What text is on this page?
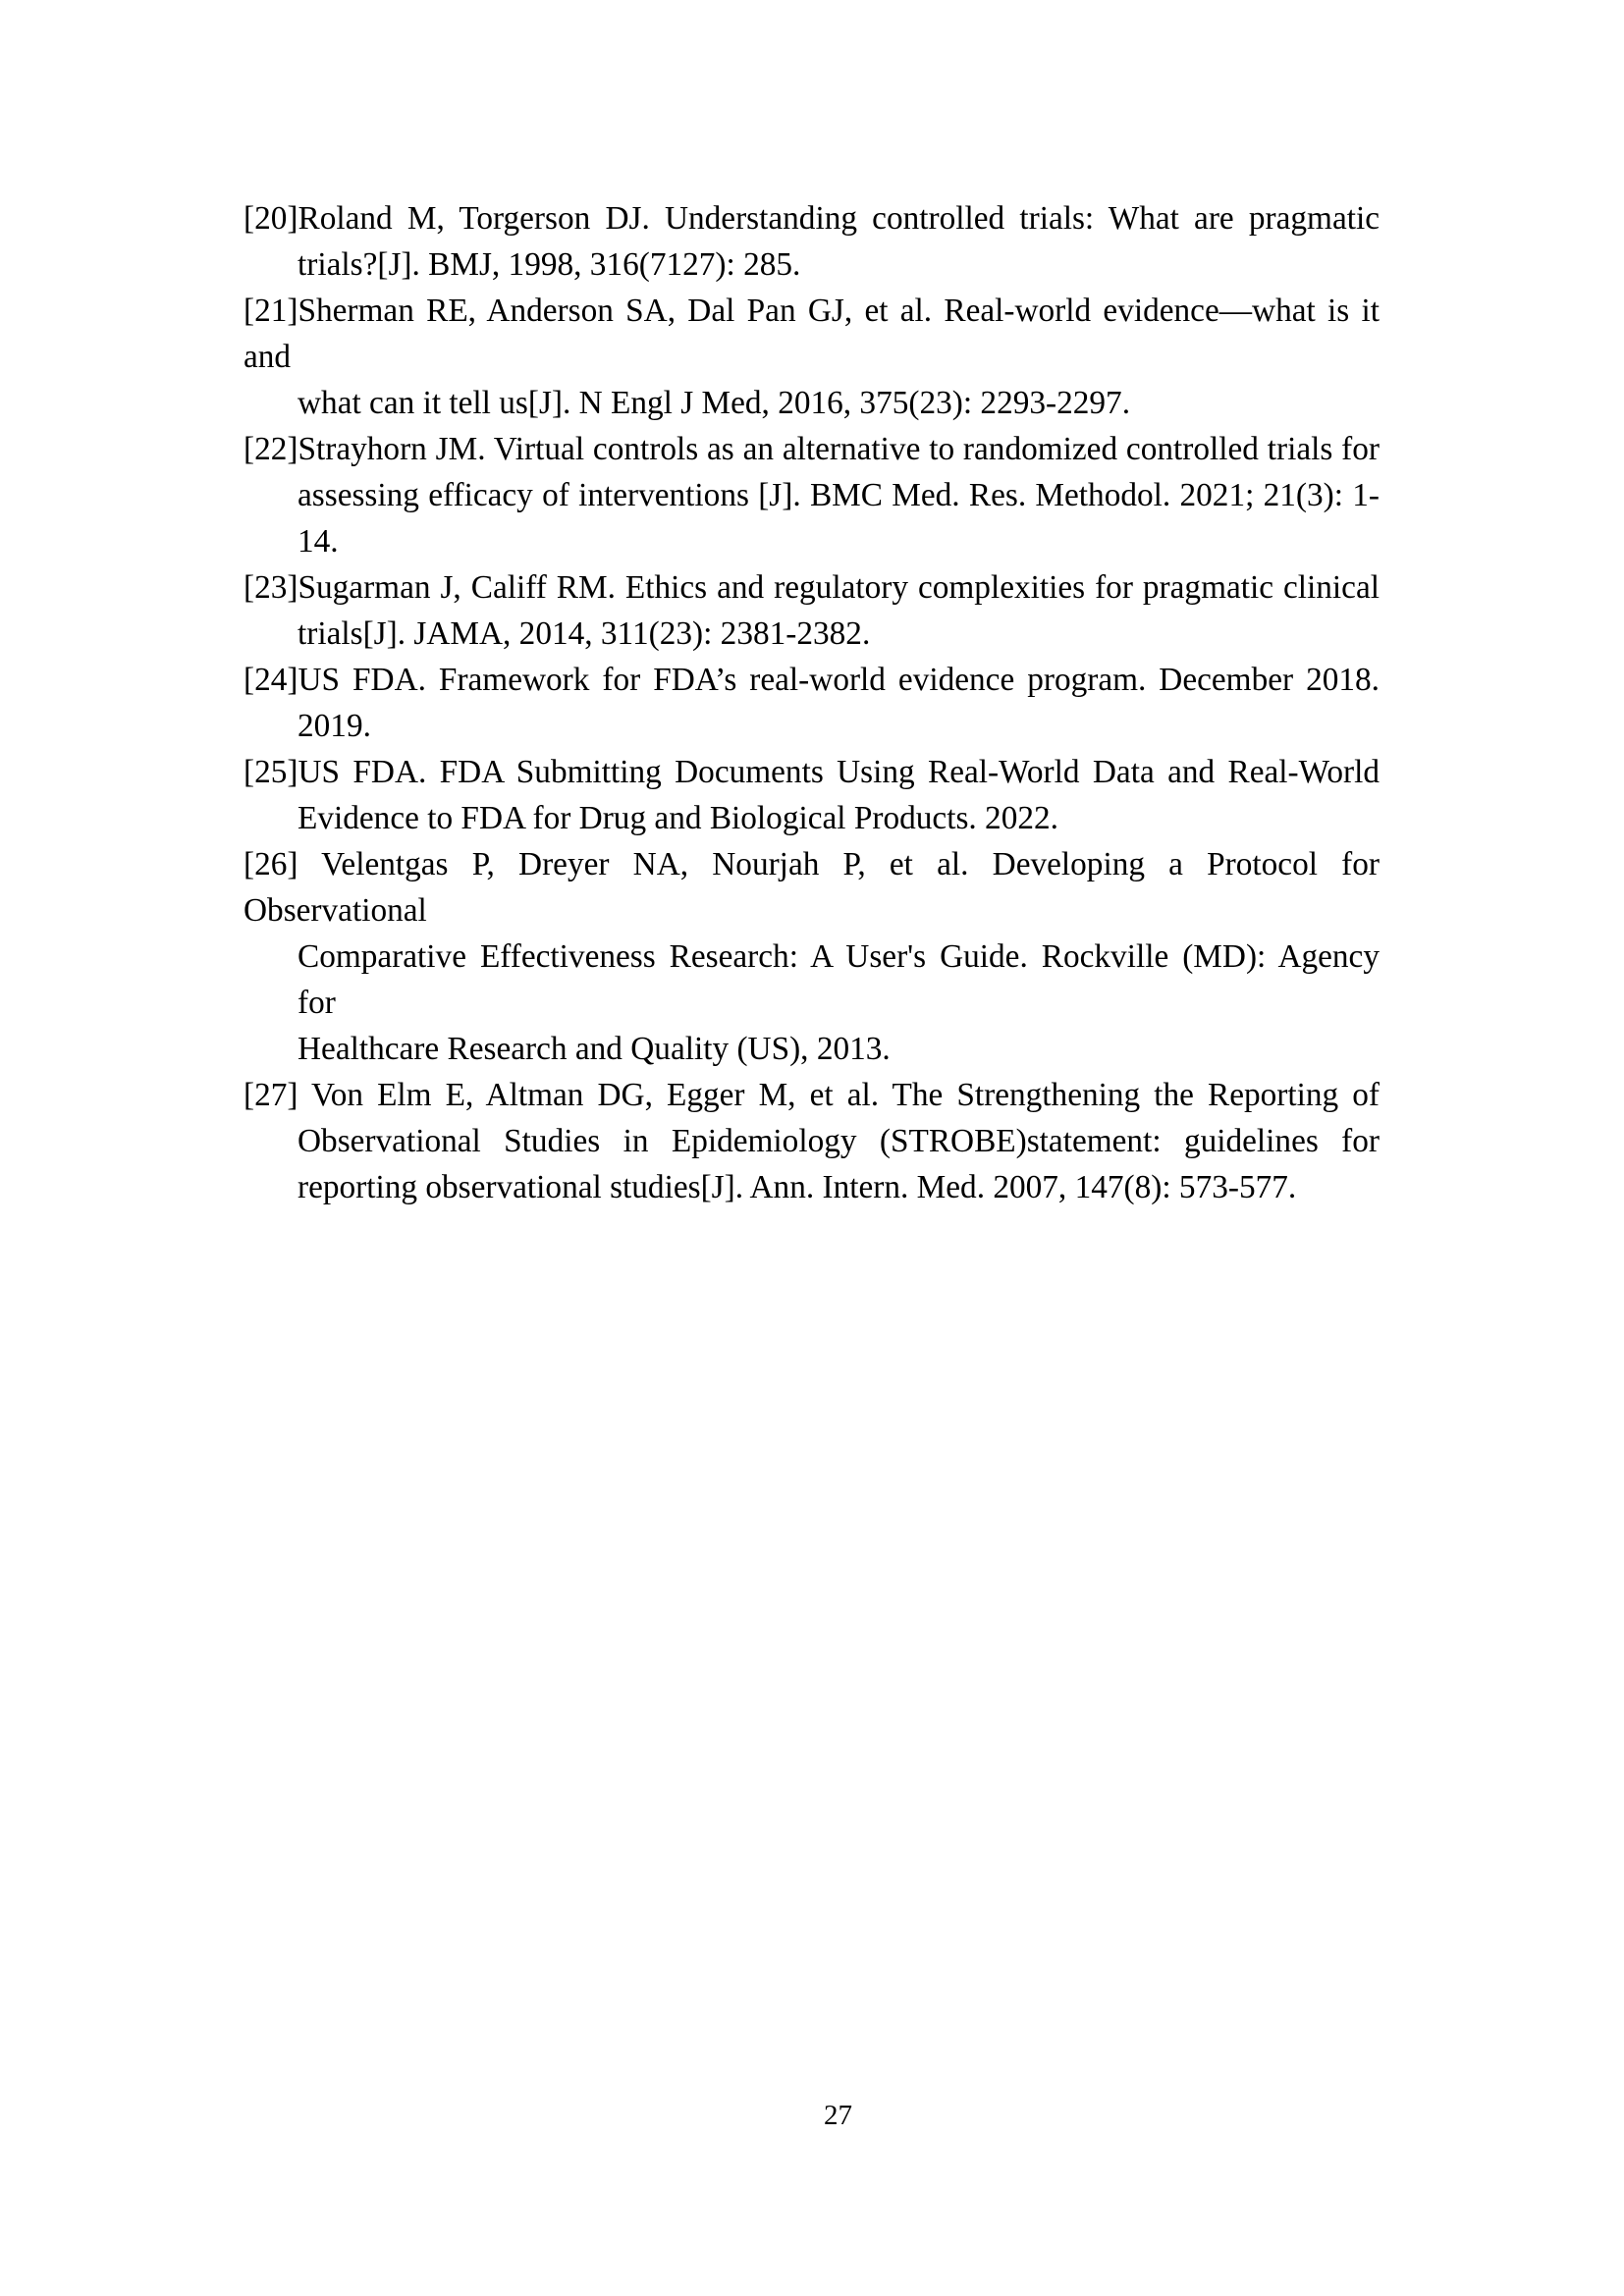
[20]Roland M, Torgerson DJ. Understanding controlled trials: What are pragmatic
trials?[J]. BMJ, 1998, 316(7127): 285.
[21]Sherman RE, Anderson SA, Dal Pan GJ, et al. Real-world evidence—what is it and
what can it tell us[J]. N Engl J Med, 2016, 375(23): 2293-2297.
[22]Strayhorn JM. Virtual controls as an alternative to randomized controlled trials for
assessing efficacy of interventions [J]. BMC Med. Res. Methodol. 2021; 21(3): 1-
14.
[23]Sugarman J, Califf RM. Ethics and regulatory complexities for pragmatic clinical
trials[J]. JAMA, 2014, 311(23): 2381-2382.
[24]US FDA. Framework for FDA’s real-world evidence program. December 2018.
2019.
[25]US FDA. FDA Submitting Documents Using Real-World Data and Real-World
Evidence to FDA for Drug and Biological Products. 2022.
[26] Velentgas P, Dreyer NA, Nourjah P, et al. Developing a Protocol for Observational
Comparative Effectiveness Research: A User's Guide. Rockville (MD): Agency for
Healthcare Research and Quality (US), 2013.
[27] Von Elm E, Altman DG, Egger M, et al. The Strengthening the Reporting of
Observational Studies in Epidemiology (STROBE)statement: guidelines for
reporting observational studies[J]. Ann. Intern. Med. 2007, 147(8): 573-577.
27
